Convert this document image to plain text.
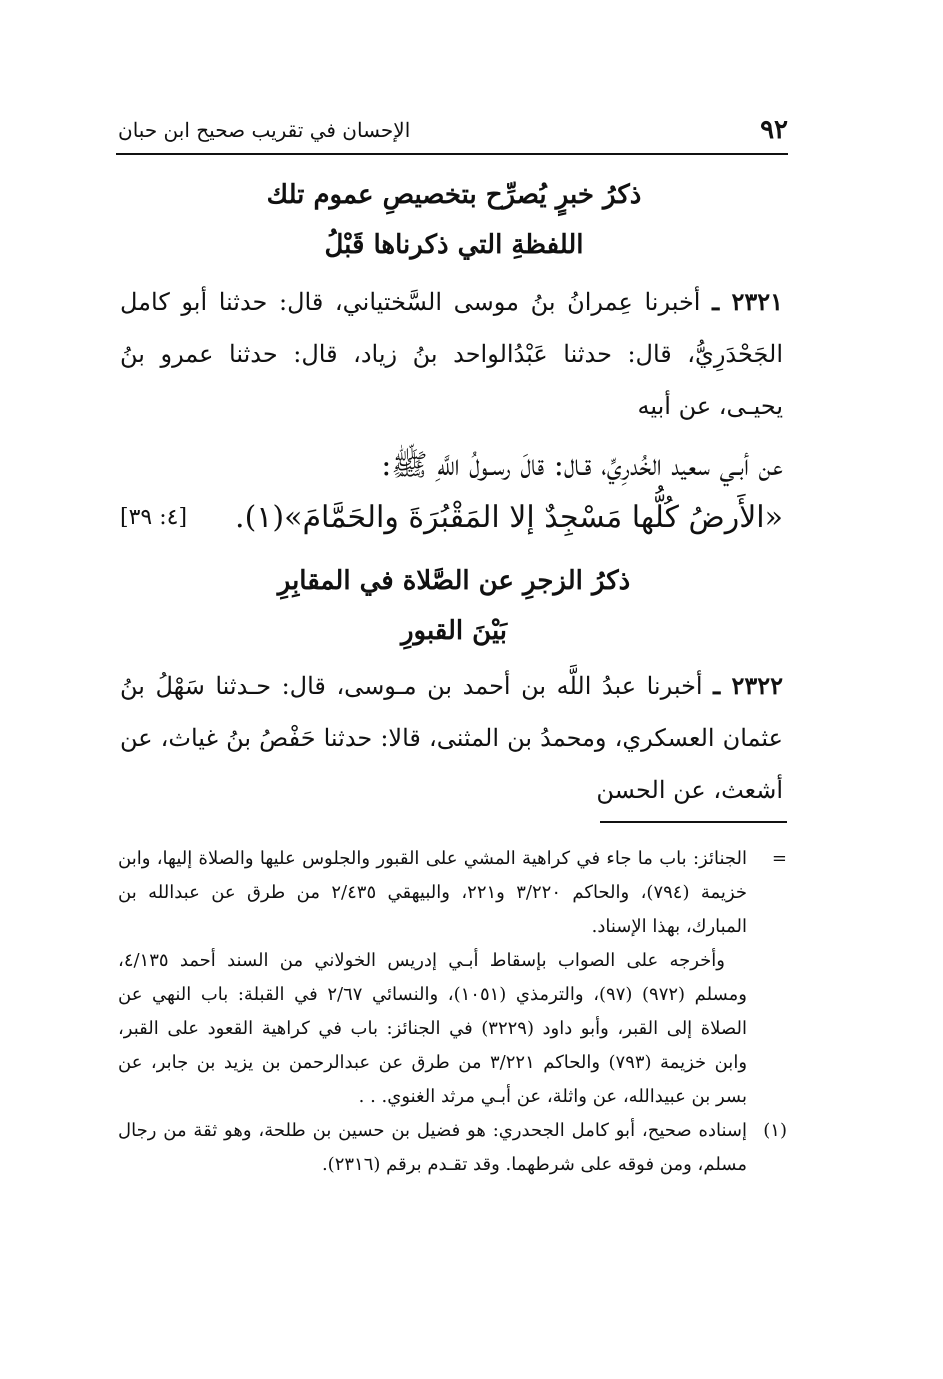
٩٢
الإحسان في تقريب صحيح ابن حبان
ذكرُ خبرٍ يُصرِّح بتخصيصِ عموم تلك
اللفظةِ التي ذكرناها قَبْلُ
٢٣٢١ ـ أخبرنا عِمرانُ بنُ موسى السَّختياني، قال: حدثنا أبو كامل الجَحْدَرِيُّ، قال: حدثنا عَبْدُالواحد بنُ زياد، قال: حدثنا عمرو بنُ يحيـى، عن أبيه
عن أبـي سعيد الخُدرِيِّ، قـال: قالَ رسـولُ اللَّهِ ﷺ:
«الأَرضُ كُلُّها مَسْجِدٌ إلا المَقْبُرَةَ والحَمَّامَ»(١).
[٤: ٣٩]
ذكرُ الزجرِ عن الصَّلاة في المقابِرِ
بَيْنَ القبورِ
٢٣٢٢ ـ أخبرنا عبدُ اللَّه بن أحمد بن مـوسى، قال: حـدثنا سَهْلُ بنُ عثمان العسكري، ومحمدُ بن المثنى، قالا: حدثنا حَفْصُ بنُ غياث، عن أشعث، عن الحسن
=

الجنائز: باب ما جاء في كراهية المشي على القبور والجلوس عليها والصلاة إليها، وابن خزيمة (٧٩٤)، والحاكم ٣/٢٢٠ و٢٢١، والبيهقي ٢/٤٣٥ من طرق عن عبدالله بن المبارك، بهذا الإسناد.

وأخرجه على الصواب بإسقاط أبـي إدريس الخولاني من السند أحمد ٤/١٣٥، ومسلم (٩٧٢) (٩٧)، والترمذي (١٠٥١)، والنسائي ٢/٦٧ في القبلة: باب النهي عن الصلاة إلى القبر، وأبو داود (٣٢٢٩) في الجنائز: باب في كراهية القعود على القبر، وابن خزيمة (٧٩٣) والحاكم ٣/٢٢١ من طرق عن عبدالرحمن بن يزيد بن جابر، عن بسر بن عبيدالله، عن واثلة، عن أبـي مرثد الغنوي. . .

(١)

إسناده صحيح، أبو كامل الجحدري: هو فضيل بن حسين بن طلحة، وهو ثقة من رجال مسلم، ومن فوقه على شرطهما. وقد تقـدم برقم (٢٣١٦).
